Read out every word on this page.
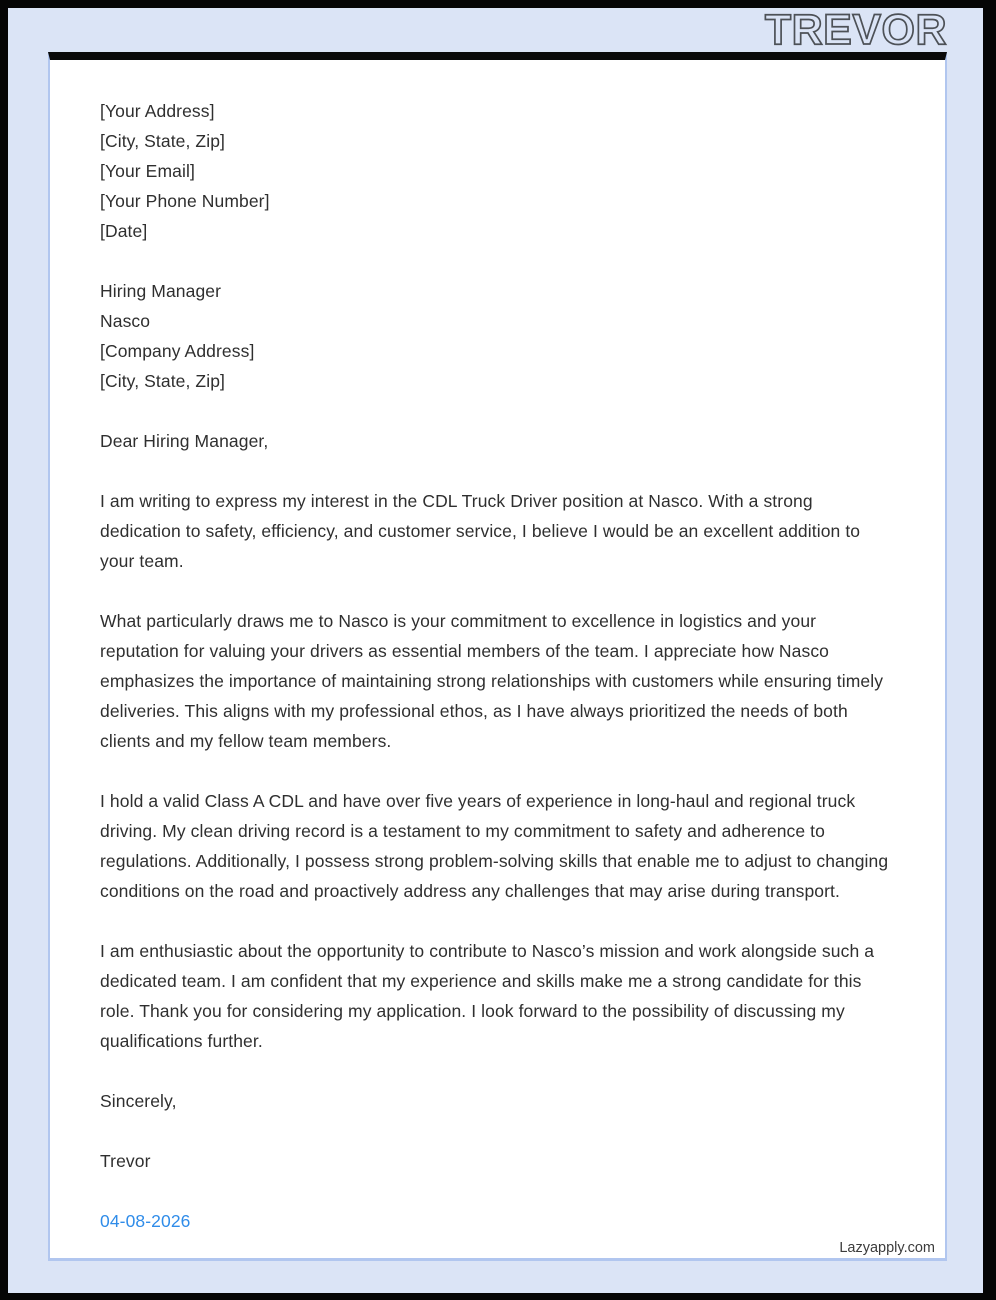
TREVOR
[Your Address]
[City, State, Zip]
[Your Email]
[Your Phone Number]
[Date]
Hiring Manager
Nasco
[Company Address]
[City, State, Zip]

Dear Hiring Manager,

I am writing to express my interest in the CDL Truck Driver position at Nasco. With a strong dedication to safety, efficiency, and customer service, I believe I would be an excellent addition to your team.

What particularly draws me to Nasco is your commitment to excellence in logistics and your reputation for valuing your drivers as essential members of the team. I appreciate how Nasco emphasizes the importance of maintaining strong relationships with customers while ensuring timely deliveries. This aligns with my professional ethos, as I have always prioritized the needs of both clients and my fellow team members.

I hold a valid Class A CDL and have over five years of experience in long-haul and regional truck driving. My clean driving record is a testament to my commitment to safety and adherence to regulations. Additionally, I possess strong problem-solving skills that enable me to adjust to changing conditions on the road and proactively address any challenges that may arise during transport.

I am enthusiastic about the opportunity to contribute to Nasco’s mission and work alongside such a dedicated team. I am confident that my experience and skills make me a strong candidate for this role. Thank you for considering my application. I look forward to the possibility of discussing my qualifications further.

Sincerely,

Trevor

04-08-2026

Lazyapply.com
